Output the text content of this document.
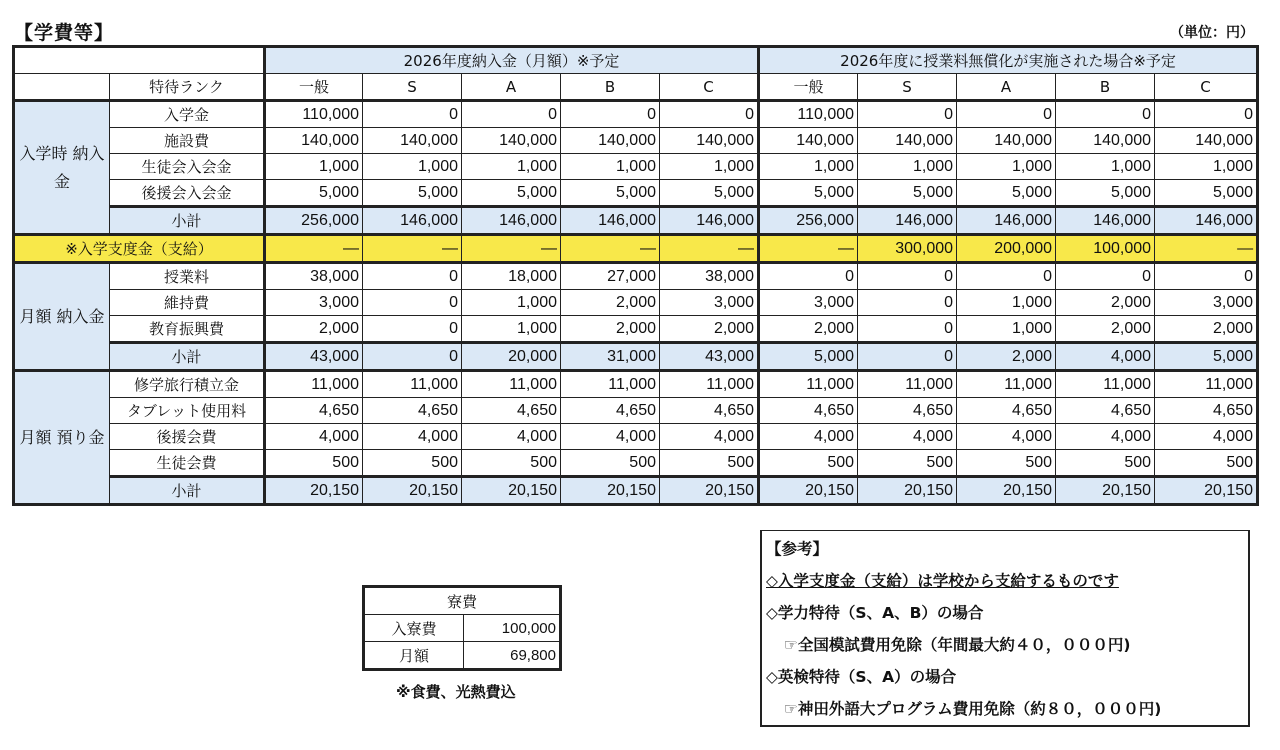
【学費等】	（単位：円）
		2026年度納入金（月額）※予定					2026年度に授業料無償化が実施された場合※予定				
	特待ランク	一般	S	A	B	C	一般	S	A	B	C
入学時 納入金	入学金	110,000	0	0	0	0	110,000	0	0	0	0
	施設費	140,000	140,000	140,000	140,000	140,000	140,000	140,000	140,000	140,000	140,000
	生徒会入会金	1,000	1,000	1,000	1,000	1,000	1,000	1,000	1,000	1,000	1,000
	後援会入会金	5,000	5,000	5,000	5,000	5,000	5,000	5,000	5,000	5,000	5,000
	小計	256,000	146,000	146,000	146,000	146,000	256,000	146,000	146,000	146,000	146,000
※入学支度金（支給）		—	—	—	—	—	—	300,000	200,000	100,000	—
月額 納入金	授業料	38,000	0	18,000	27,000	38,000	0	0	0	0	0
	維持費	3,000	0	1,000	2,000	3,000	3,000	0	1,000	2,000	3,000
	教育振興費	2,000	0	1,000	2,000	2,000	2,000	0	1,000	2,000	2,000
	小計	43,000	0	20,000	31,000	43,000	5,000	0	2,000	4,000	5,000
月額 預り金	修学旅行積立金	11,000	11,000	11,000	11,000	11,000	11,000	11,000	11,000	11,000	11,000
	タブレット使用料	4,650	4,650	4,650	4,650	4,650	4,650	4,650	4,650	4,650	4,650
	後援会費	4,000	4,000	4,000	4,000	4,000	4,000	4,000	4,000	4,000	4,000
	生徒会費	500	500	500	500	500	500	500	500	500	500
	小計	20,150	20,150	20,150	20,150	20,150	20,150	20,150	20,150	20,150	20,150
寮費	
入寮費	100,000
月額	69,800
※食費、光熱費込
【参考】
◇入学支度金（支給）は学校から支給するものです
◇学力特待（S、A、B）の場合
☞全国模試費用免除（年間最大約４０，０００円)
◇英検特待（S、A）の場合
☞神田外語大プログラム費用免除（約８０，０００円)
